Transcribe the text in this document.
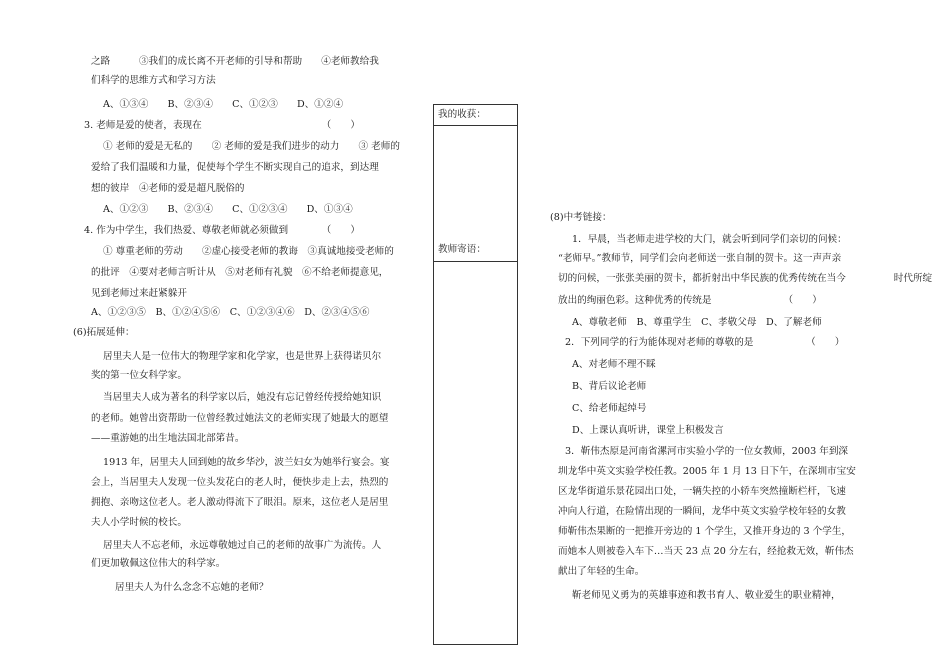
之路　　　③我们的成长离不开老师的引导和帮助　　④老师教给我
们科学的思维方式和学习方法
A、①③④　　B、②③④　　C、①②③　　D、①②④
3. 老师是爱的使者，表现在　　　　　　　　　　　　　（　　）
① 老师的爱是无私的　　② 老师的爱是我们进步的动力　　③ 老师的
爱给了我们温暖和力量，促使每个学生不断实现自己的追求，到达理
想的彼岸　④老师的爱是超凡脱俗的
A、①②③　　B、②③④　　C、①②③④　　D、①③④
4. 作为中学生，我们热爱、尊敬老师就必须做到　　　　（　　）
① 尊重老师的劳动　　②虚心接受老师的教诲　③真诚地接受老师的
的批评　④要对老师言听计从　⑤对老师有礼貌　⑥不给老师提意见，
见到老师过来赶紧躲开
A、①②③⑤　B、①②④⑤⑥　C、①②③④⑥　D、②③④⑤⑥
(6)拓展延伸：
居里夫人是一位伟大的物理学家和化学家，也是世界上获得诺贝尔
奖的第一位女科学家。
当居里夫人成为著名的科学家以后，她没有忘记曾经传授给她知识
的老师。她曾出资帮助一位曾经教过她法文的老师实现了她最大的愿望
——重游她的出生地法国北部笫昔。
1913 年，居里夫人回到她的故乡华沙，波兰妇女为她举行宴会。宴
会上，当居里夫人发现一位头发花白的老人时，便快步走上去，热烈的
拥抱、亲吻这位老人。老人激动得流下了眼泪。原来，这位老人是居里
夫人小学时候的校长。
居里夫人不忘老师，永远尊敬她过自己的老师的故事广为流传。人
们更加敬佩这位伟大的科学家。
居里夫人为什么念念不忘她的老师？
我的收获：
教师寄语：
(8)中考链接：
1．早晨，当老师走进学校的大门，就会听到同学们亲切的问候：
“老师早。”教师节，同学们会向老师送一张自制的贺卡。这一声声亲
切的问候，一张张美丽的贺卡，都折射出中华民族的优秀传统在当今　　　　　时代所绽
放出的绚丽色彩。这种优秀的传统是　　　　　　　　（　　）
A、尊敬老师　B、尊重学生　C、孝敬父母　D、了解老师
2．下列同学的行为能体现对老师的尊敬的是　　　　　　（　　）
A、对老师不理不睬
B、背后议论老师
C、给老师起绰号
D、上课认真听讲，课堂上积极发言
3．靳伟杰原是河南省漯河市实验小学的一位女教师，2003 年到深
圳龙华中英文实验学校任教。2005 年 1 月 13 日下午，在深圳市宝安
区龙华街道乐景花园出口处，一辆失控的小轿车突然撞断栏杆，飞速
冲向人行道，在险情出现的一瞬间，龙华中英文实验学校年轻的女教
师靳伟杰果断的一把推开旁边的 1 个学生，又推开身边的 3 个学生，
而她本人则被卷入车下…当天 23 点 20 分左右，经抢救无效，靳伟杰
献出了年轻的生命。
靳老师见义勇为的英雄事迹和教书育人、敬业爱生的职业精神，
